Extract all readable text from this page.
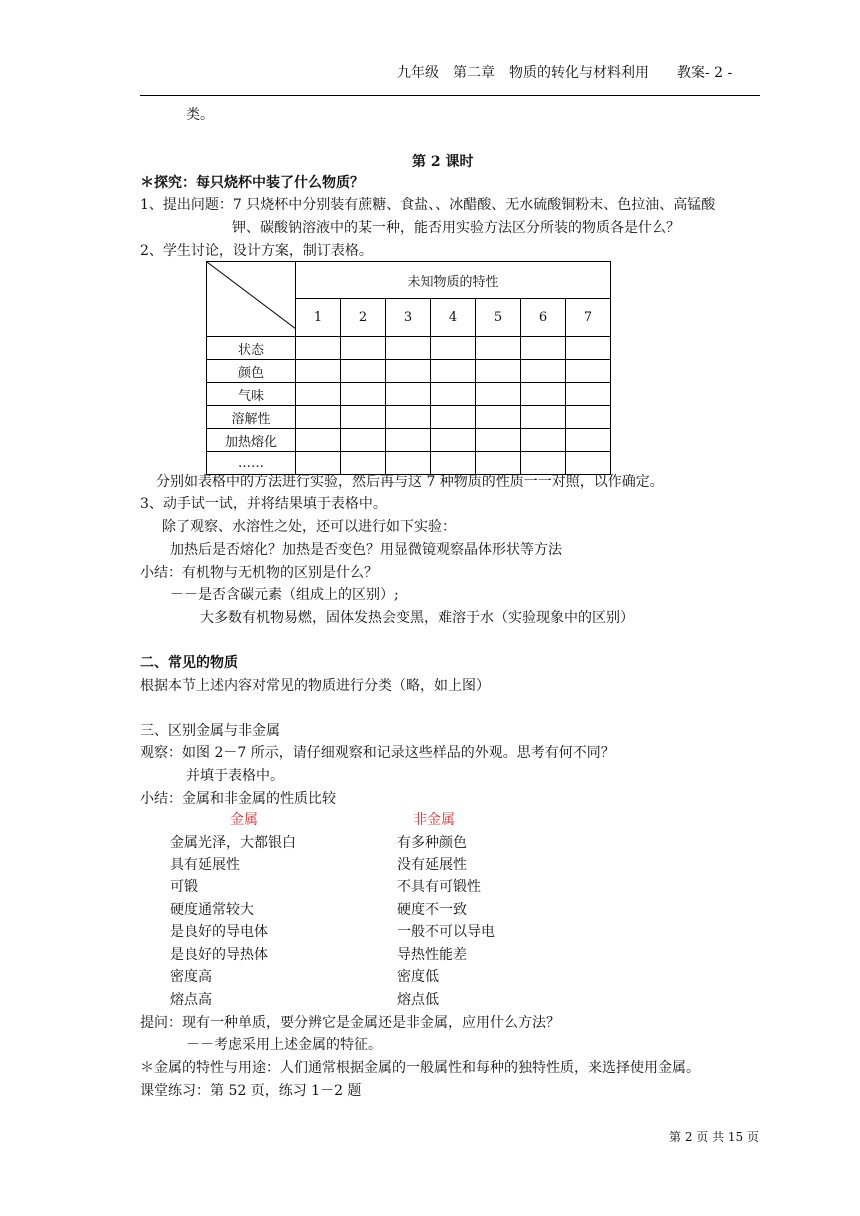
九年级　第二章　物质的转化与材料利用　　教案- 2 -
类。
第 2 课时
＊探究：每只烧杯中装了什么物质？
1、提出问题：7 只烧杯中分别装有蔗糖、食盐、、冰醋酸、无水硫酸铜粉末、色拉油、高锰酸
钾、碳酸钠溶液中的某一种，能否用实验方法区分所装的物质各是什么？
2、学生讨论，设计方案，制订表格。
	未知物质的特性						
	1	2	3	4	5	6	7
状态							
颜色							
气味							
溶解性							
加热熔化							
……							
分别如表格中的方法进行实验，然后再与这 7 种物质的性质一一对照，以作确定。
3、动手试一试，并将结果填于表格中。
除了观察、水溶性之处，还可以进行如下实验：
加热后是否熔化？加热是否变色？用显微镜观察晶体形状等方法
小结：有机物与无机物的区别是什么？
－－是否含碳元素（组成上的区别）;
大多数有机物易燃，固体发热会变黑，难溶于水（实验现象中的区别）
二、常见的物质
根据本节上述内容对常见的物质进行分类（略，如上图）
三、区别金属与非金属
观察：如图 2－7 所示，请仔细观察和记录这些样品的外观。思考有何不同？
并填于表格中。
小结：金属和非金属的性质比较
金属	非金属
金属光泽，大都银白	有多种颜色
具有延展性	没有延展性
可锻	不具有可锻性
硬度通常较大	硬度不一致
是良好的导电体	一般不可以导电
是良好的导热体	导热性能差
密度高	密度低
熔点高	熔点低
提问：现有一种单质，要分辨它是金属还是非金属，应用什么方法？
－－考虑采用上述金属的特征。
＊金属的特性与用途：人们通常根据金属的一般属性和每种的独特性质，来选择使用金属。
课堂练习：第 52 页，练习 1－2 题
第 2 页 共 15 页
